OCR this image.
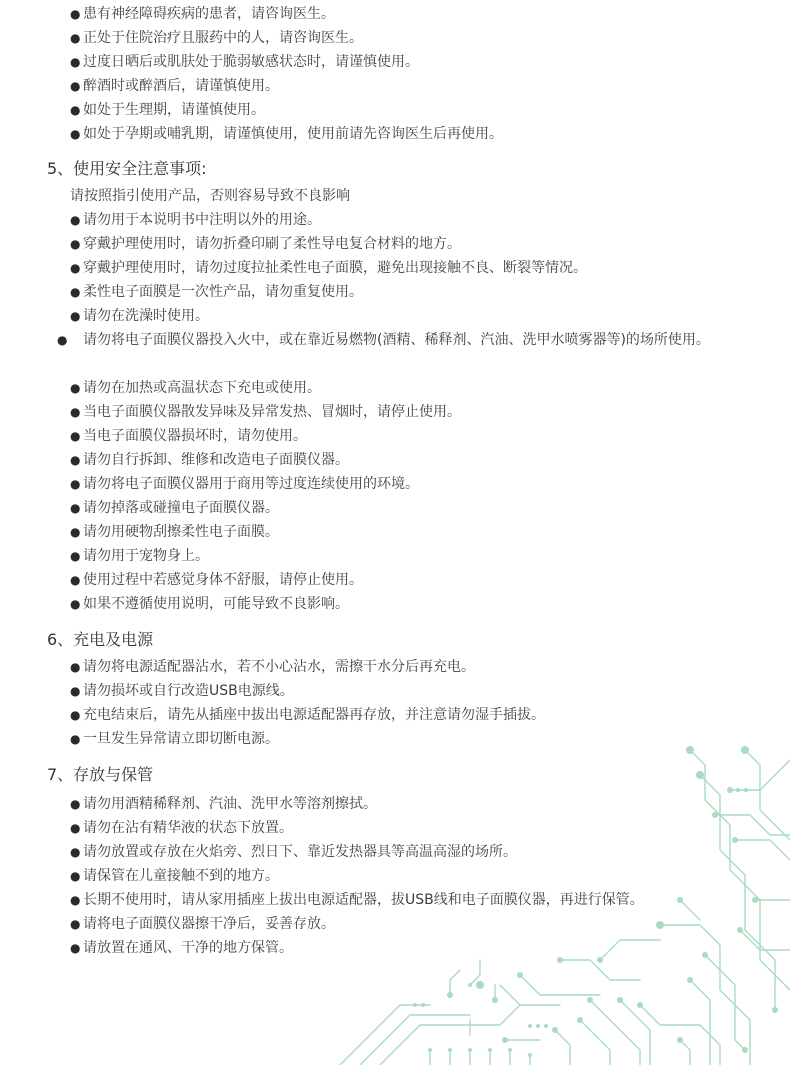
● 患有神经障碍疾病的患者，请咨询医生。
● 正处于住院治疗且服药中的人，请咨询医生。
● 过度日晒后或肌肤处于脆弱敏感状态时，请谨慎使用。
● 醉酒时或醉酒后，请谨慎使用。
● 如处于生理期，请谨慎使用。
● 如处于孕期或哺乳期，请谨慎使用，使用前请先咨询医生后再使用。
5、使用安全注意事项:
请按照指引使用产品，否则容易导致不良影响
● 请勿用于本说明书中注明以外的用途。
● 穿戴护理使用时，请勿折叠印刷了柔性导电复合材料的地方。
● 穿戴护理使用时，请勿过度拉扯柔性电子面膜，避免出现接触不良、断裂等情况。
● 柔性电子面膜是一次性产品，请勿重复使用。
● 请勿在洗澡时使用。
● 请勿将电子面膜仪器投入火中，或在靠近易燃物(酒精、稀释剂、汽油、洗甲水喷雾器等)的场所使用。
● 请勿在加热或高温状态下充电或使用。
● 当电子面膜仪器散发异味及异常发热、冒烟时，请停止使用。
● 当电子面膜仪器损坏时，请勿使用。
● 请勿自行拆卸、维修和改造电子面膜仪器。
● 请勿将电子面膜仪器用于商用等过度连续使用的环境。
● 请勿掉落或碰撞电子面膜仪器。
● 请勿用硬物刮擦柔性电子面膜。
● 请勿用于宠物身上。
● 使用过程中若感觉身体不舒服，请停止使用。
● 如果不遵循使用说明，可能导致不良影响。
6、充电及电源
● 请勿将电源适配器沾水，若不小心沾水，需擦干水分后再充电。
● 请勿损坏或自行改造USB电源线。
● 充电结束后，请先从插座中拔出电源适配器再存放，并注意请勿湿手插拔。
● 一旦发生异常请立即切断电源。
7、存放与保管
● 请勿用酒精稀释剂、汽油、洗甲水等溶剂擦拭。
● 请勿在沾有精华液的状态下放置。
● 请勿放置或存放在火焰旁、烈日下、靠近发热器具等高温高湿的场所。
● 请保管在儿童接触不到的地方。
● 长期不使用时，请从家用插座上拔出电源适配器，拔USB线和电子面膜仪器，再进行保管。
● 请将电子面膜仪器擦干净后，妥善存放。
● 请放置在通风、干净的地方保管。
